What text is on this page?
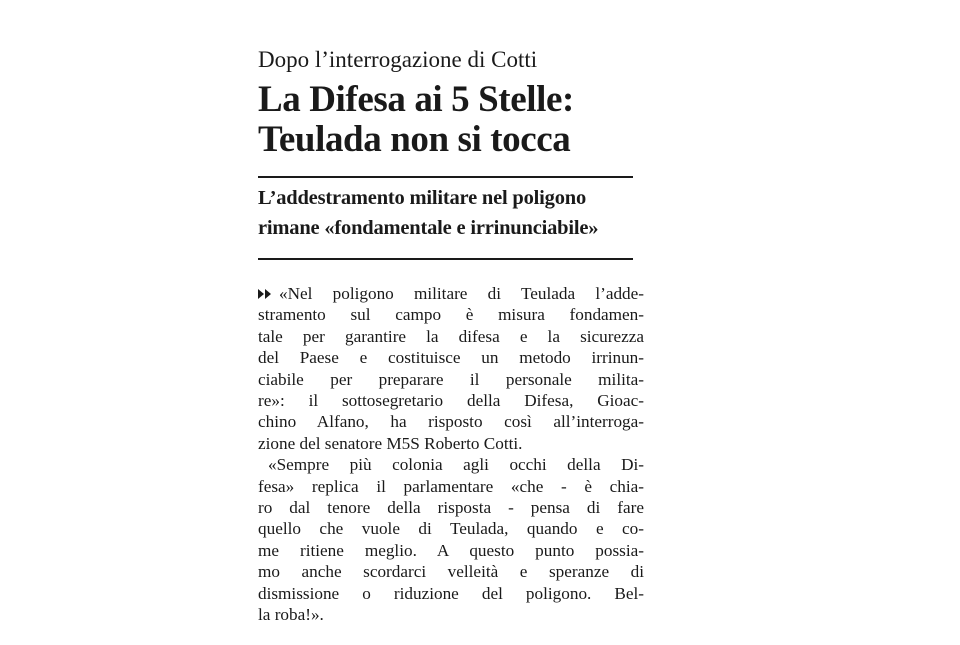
Dopo l’interrogazione di Cotti
La Difesa ai 5 Stelle:
Teulada non si tocca
L’addestramento militare nel poligono
rimane «fondamentale e irrinunciabile»
«Nel poligono militare di Teulada l’adde-
stramento sul campo è misura fondamen-
tale per garantire la difesa e la sicurezza
del Paese e costituisce un metodo irrinun-
ciabile per preparare il personale milita-
re»: il sottosegretario della Difesa, Gioac-
chino Alfano, ha risposto così all’interroga-
zione del senatore M5S Roberto Cotti.
«Sempre più colonia agli occhi della Di-
fesa» replica il parlamentare «che - è chia-
ro dal tenore della risposta - pensa di fare
quello che vuole di Teulada, quando e co-
me ritiene meglio. A questo punto possia-
mo anche scordarci velleità e speranze di
dismissione o riduzione del poligono. Bel-
la roba!».
